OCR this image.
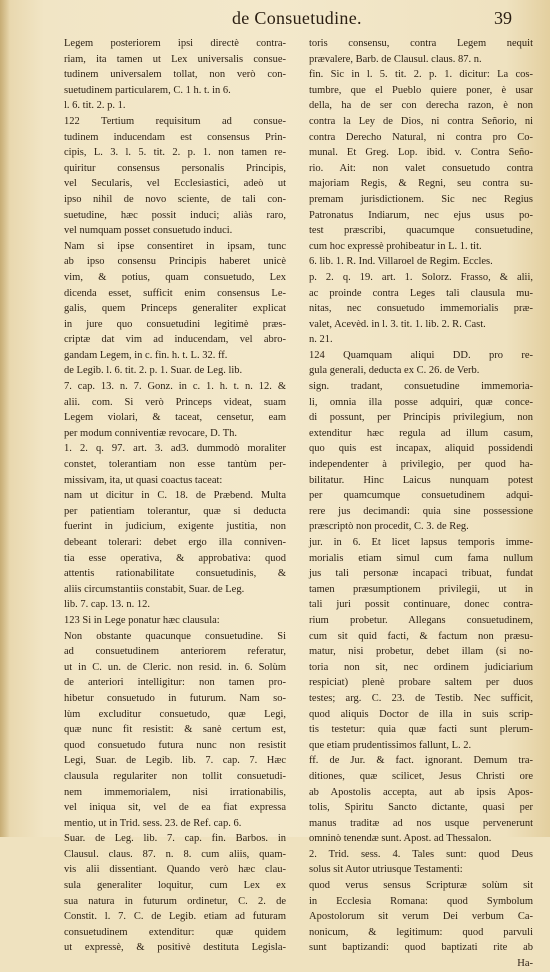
de Consuetudine.	39
Legem posteriorem ipsi directè contra-
riam, ita tamen ut Lex universalis consue-
tudinem universalem tollat, non verò con-
suetudinem particularem, C. 1 h. t. in 6.
l. 6. tit. 2. p. 1.
122 Tertium requisitum ad consue-
tudinem inducendam est consensus Prin-
cipis, L. 3. l. 5. tit. 2. p. 1. non tamen re-
quiritur consensus personalis Principis,
vel Secularis, vel Ecclesiastici, adeò ut
ipso nihil de novo sciente, de tali con-
suetudine, hæc possit induci; aliàs raro,
vel numquam posset consuetudo induci.
Nam si ipse consentiret in ipsam, tunc
ab ipso consensu Principis haberet unicè
vim, & potius, quam consuetudo, Lex
dicenda esset, sufficit enim consensus Le-
galis, quem Princeps generaliter explicat
in jure quo consuetudini legitimè præs-
criptæ dat vim ad inducendam, vel abro-
gandam Legem, in c. fin. h. t. L. 32. ff.
de Legib. l. 6. tit. 2. p. 1. Suar. de Leg. lib.
7. cap. 13. n. 7. Gonz. in c. 1. h. t. n. 12. &
alii. com. Si verò Princeps videat, suam
Legem violari, & taceat, censetur, eam
per modum conniventiæ revocare, D. Th.
1. 2. q. 97. art. 3. ad3. dummodò moraliter
constet, tolerantiam non esse tantùm per-
missivam, ita, ut quasi coactus taceat:
nam ut dicitur in C. 18. de Præbend. Multa
per patientiam tolerantur, quæ si deducta
fuerint in judicium, exigente justitia, non
debeant tolerari: debet ergo illa conniven-
tia esse operativa, & approbativa: quod
attentis rationabilitate consuetudinis, &
aliis circumstantiis constabit, Suar. de Leg.
lib. 7. cap. 13. n. 12.
123 Si in Lege ponatur hæc clausula:
Non obstante quacunque consuetudine. Si
ad consuetudinem anteriorem referatur,
ut in C. un. de Cleric. non resid. in. 6. Solùm
de anteriori intelligitur: non tamen pro-
hibetur consuetudo in futurum. Nam so-
lùm excluditur consuetudo, quæ Legi,
quæ nunc fit resistit: & sanè certum est,
quod consuetudo futura nunc non resistit
Legi, Suar. de Legib. lib. 7. cap. 7. Hæc
clausula regulariter non tollit consuetudi-
nem immemorialem, nisi irrationabilis,
vel iniqua sit, vel de ea fiat expressa
mentio, ut in Trid. sess. 23. de Ref. cap. 6.
Suar. de Leg. lib. 7. cap. fin. Barbos. in
Clausul. claus. 87. n. 8. cum aliis, quam-
vis alii dissentiant. Quando verò hæc clau-
sula generaliter loquitur, cum Lex ex
sua natura in futurum ordinetur, C. 2. de
Constit. l. 7. C. de Legib. etiam ad futuram
consuetudinem extenditur: quæ quidem
ut expressè, & positivè destituta Legisla-
toris consensu, contra Legem nequit
prævalere, Barb. de Clausul. claus. 87. n.
fin. Sic in l. 5. tit. 2. p. 1. dicitur: La cos-
tumbre, que el Pueblo quiere poner, è usar
della, ha de ser con derecha razon, è non
contra la Ley de Dios, ni contra Señorio, ni
contra Derecho Natural, ni contra pro Co-
munal. Et Greg. Lop. ibid. v. Contra Seño-
rio. Ait: non valet consuetudo contra
majoriam Regis, & Regni, seu contra su-
premam jurisdictionem. Sic nec Regius
Patronatus Indiarum, nec ejus usus po-
test præscribi, quacumque consuetudine,
cum hoc expressè prohibeatur in L. 1. tit.
6. lib. 1. R. Ind. Villaroel de Regim. Eccles.
p. 2. q. 19. art. 1. Solorz. Frasso, & alii,
ac proinde contra Leges tali clausula mu-
nitas, nec consuetudo immemorialis præ-
valet, Acevèd. in l. 3. tit. 1. lib. 2. R. Cast.
n. 21.
124 Quamquam aliqui DD. pro re-
gula generali, deducta ex C. 26. de Verb.
sign. tradant, consuetudine immemoria-
li, omnia illa posse adquiri, quæ conce-
di possunt, per Principis privilegium, non
extenditur hæc regula ad illum casum,
quo quis est incapax, aliquid possidendi
independenter à privilegio, per quod ha-
bilitatur. Hinc Laicus nunquam potest
per quamcumque consuetudinem adqui-
rere jus decimandi: quia sine possessione
præscriptò non procedit, C. 3. de Reg.
jur. in 6. Et licet lapsus temporis imme-
morialis etiam simul cum fama nullum
jus tali personæ incapaci tribuat, fundat
tamen præsumptionem privilegii, ut in
tali juri possit continuare, donec contra-
rium probetur. Allegans consuetudinem,
cum sit quid facti, & factum non præsu-
matur, nisi probetur, debet illam (si no-
toria non sit, nec ordinem judiciarium
respiciat) plenè probare saltem per duos
testes; arg. C. 23. de Testib. Nec sufficit,
quod aliquis Doctor de illa in suis scrip-
tis testetur: quia quæ facti sunt plerum-
que etiam prudentissimos fallunt, L. 2.
ff. de Jur. & fact. ignorant. Demum tra-
ditiones, quæ scilicet, Jesus Christi ore
ab Apostolis accepta, aut ab ipsis Apos-
tolis, Spiritu Sancto dictante, quasi per
manus traditæ ad nos usque pervenerunt
omninò tenendæ sunt. Apost. ad Thessalon.
2. Trid. sess. 4. Tales sunt: quod Deus
solus sit Autor utriusque Testamenti:
quod verus sensus Scripturæ solùm sit
in Ecclesia Romana: quod Symbolum
Apostolorum sit verum Dei verbum Ca-
nonicum, & legitimum: quod parvuli
sunt baptizandi: quod baptizati rite ab
Ha-
